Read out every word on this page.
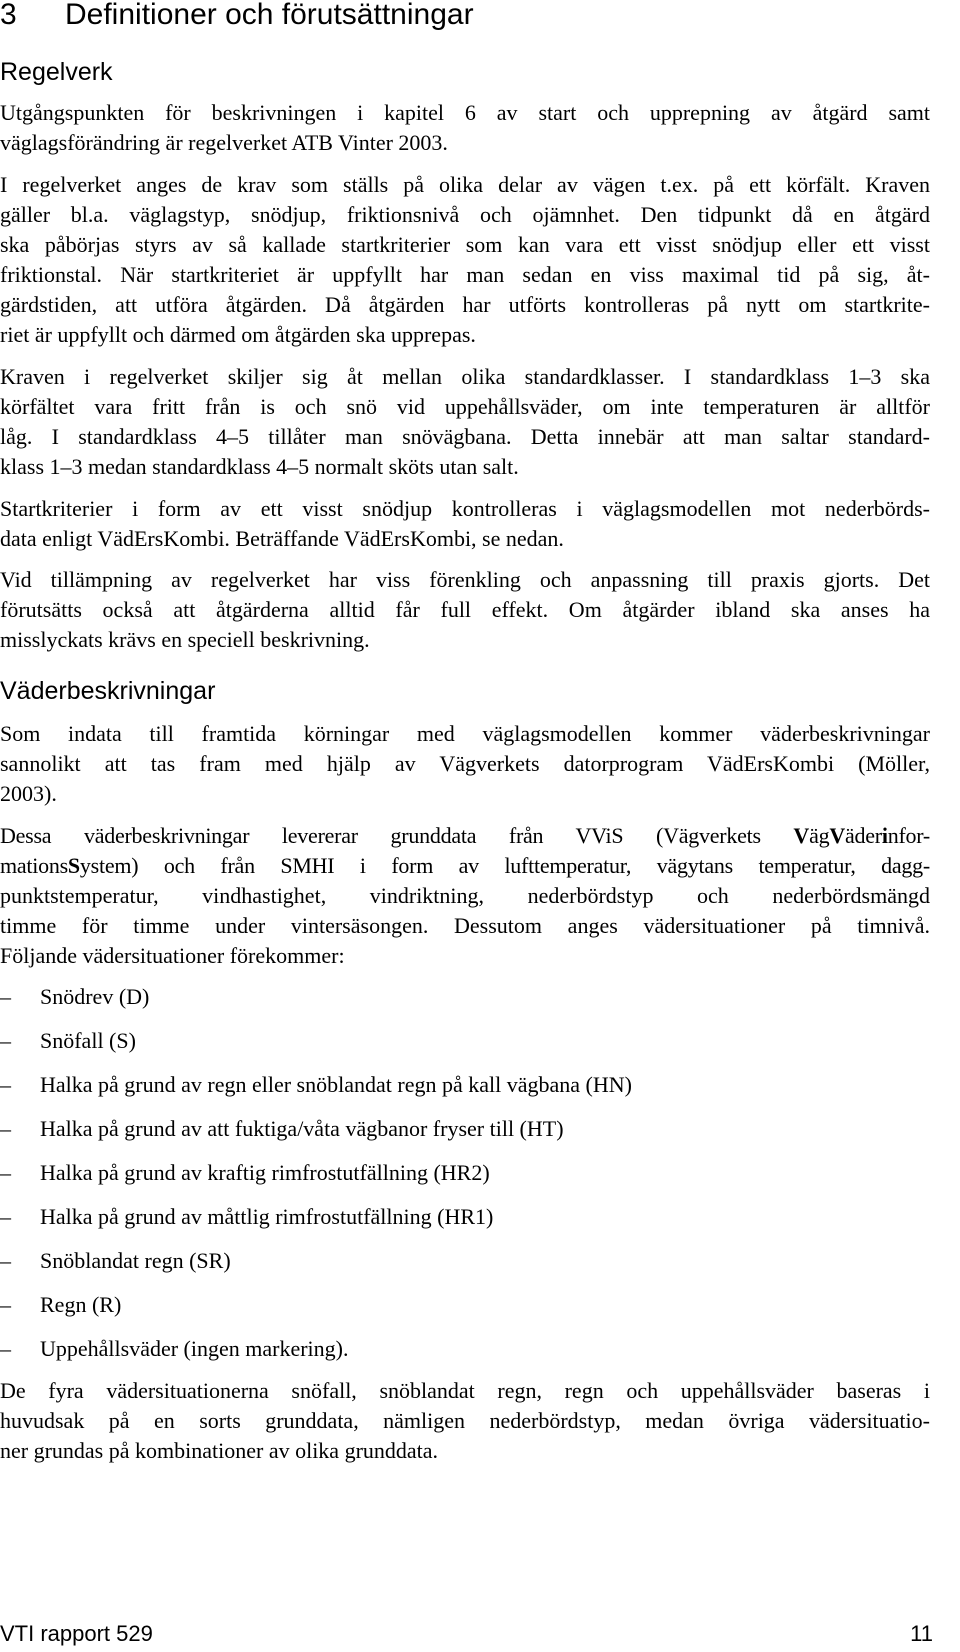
3 Definitioner och förutsättningar
Regelverk
Utgångspunkten för beskrivningen i kapitel 6 av start och upprepning av åtgärd samt
väglagsförändring är regelverket ATB Vinter 2003.
I regelverket anges de krav som ställs på olika delar av vägen t.ex. på ett körfält. Kraven
gäller bl.a. väglagstyp, snödjup, friktionsnivå och ojämnhet. Den tidpunkt då en åtgärd
ska påbörjas styrs av så kallade startkriterier som kan vara ett visst snödjup eller ett visst
friktionstal. När startkriteriet är uppfyllt har man sedan en viss maximal tid på sig, åt-
gärdstiden, att utföra åtgärden. Då åtgärden har utförts kontrolleras på nytt om startkrite-
riet är uppfyllt och därmed om åtgärden ska upprepas.
Kraven i regelverket skiljer sig åt mellan olika standardklasser. I standardklass 1–3 ska
körfältet vara fritt från is och snö vid uppehållsväder, om inte temperaturen är alltför
låg. I standardklass 4–5 tillåter man snövägbana. Detta innebär att man saltar standard-
klass 1–3 medan standardklass 4–5 normalt sköts utan salt.
Startkriterier i form av ett visst snödjup kontrolleras i väglagsmodellen mot nederbörds-
data enligt VädErsKombi. Beträffande VädErsKombi, se nedan.
Vid tillämpning av regelverket har viss förenkling och anpassning till praxis gjorts. Det
förutsätts också att åtgärderna alltid får full effekt. Om åtgärder ibland ska anses ha
misslyckats krävs en speciell beskrivning.
Väderbeskrivningar
Som indata till framtida körningar med väglagsmodellen kommer väderbeskrivningar
sannolikt att tas fram med hjälp av Vägverkets datorprogram VädErsKombi (Möller,
2003).
Dessa väderbeskrivningar levererar grunddata från VViS (Vägverkets VägVäderinfor-
mationsSystem) och från SMHI i form av lufttemperatur, vägytans temperatur, dagg-
punktstemperatur, vindhastighet, vindriktning, nederbördstyp och nederbördsmängd
timme för timme under vintersäsongen. Dessutom anges vädersituationer på timnivå.
Följande vädersituationer förekommer:
– Snödrev (D)
– Snöfall (S)
– Halka på grund av regn eller snöblandat regn på kall vägbana (HN)
– Halka på grund av att fuktiga/våta vägbanor fryser till (HT)
– Halka på grund av kraftig rimfrostutfällning (HR2)
– Halka på grund av måttlig rimfrostutfällning (HR1)
– Snöblandat regn (SR)
– Regn (R)
– Uppehållsväder (ingen markering).
De fyra vädersituationerna snöfall, snöblandat regn, regn och uppehållsväder baseras i
huvudsak på en sorts grunddata, nämligen nederbördstyp, medan övriga vädersituatio-
ner grundas på kombinationer av olika grunddata.
VTI rapport 529	11
